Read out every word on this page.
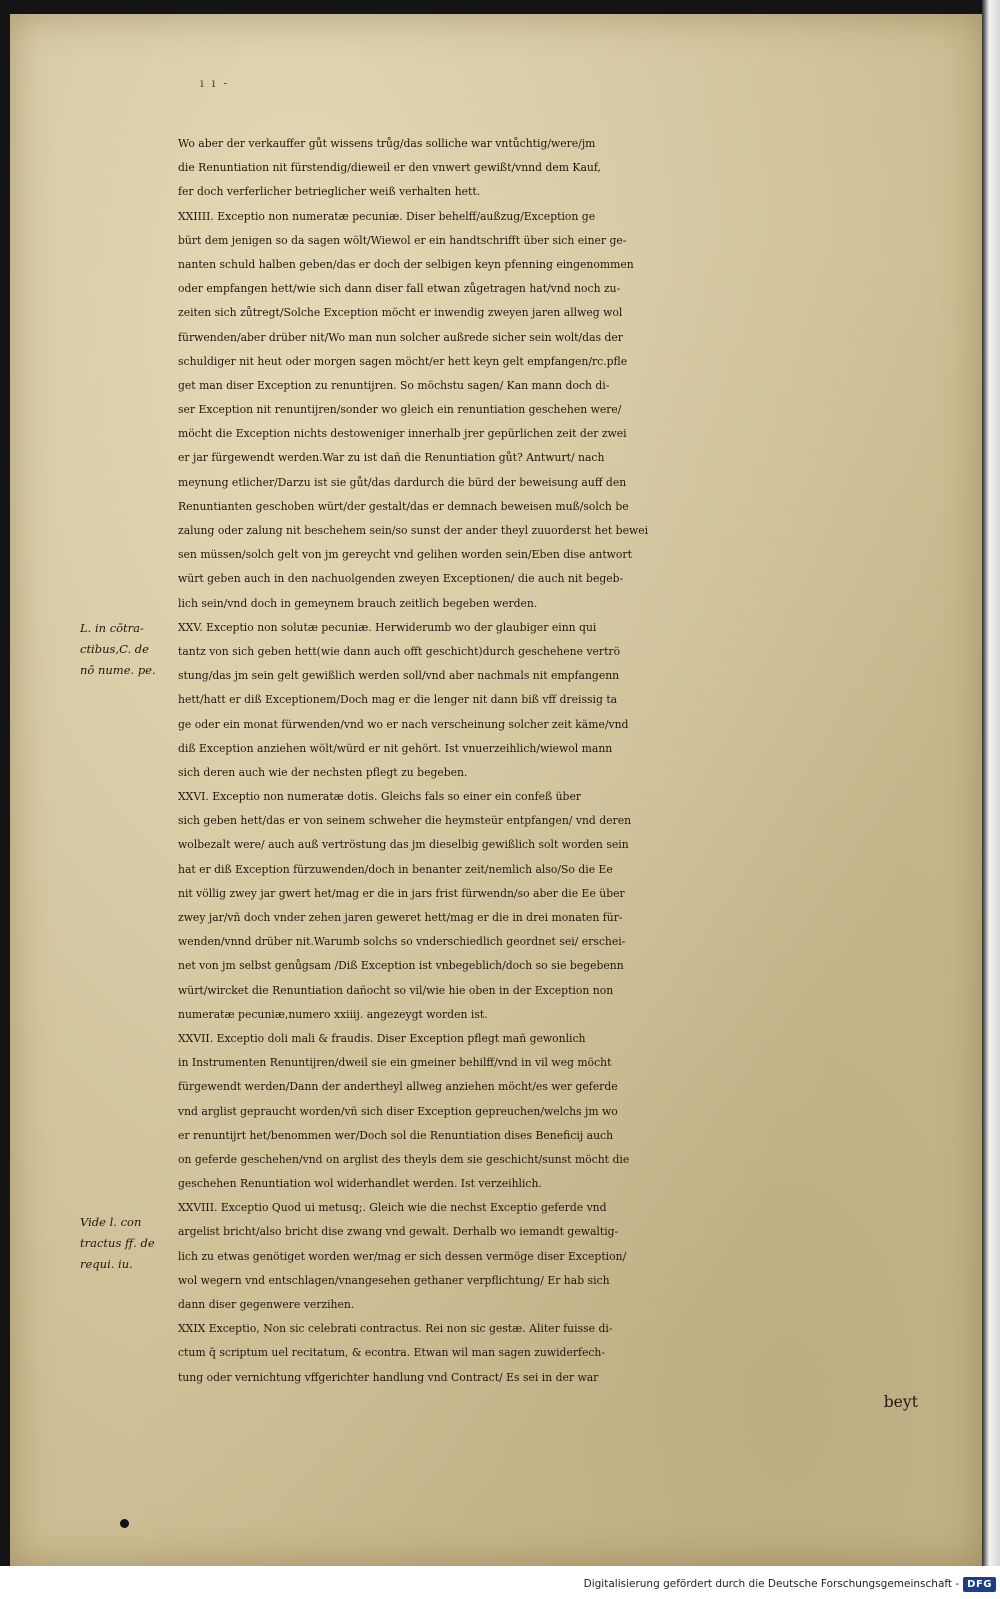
ı ı -
Wo aber der verkauffer gůt wissens trůg/das solliche war vntůchtig/were/jm
die Renuntiation nit fürstendig/dieweil er den vnwert gewißt/vnnd dem Kauf,
fer doch verferlicher betrieglicher weiß verhalten hett.
XXIIII. Exceptio non numeratæ pecuniæ. Diser behelff/außzug/Exception ge
bürt dem jenigen so da sagen wölt/Wiewol er ein handtschrifft über sich einer ge-
nanten schuld halben geben/das er doch der selbigen keyn pfenning eingenommen
oder empfangen hett/wie sich dann diser fall etwan zůgetragen hat/vnd noch zu-
zeiten sich zůtregt/Solche Exception möcht er inwendig zweyen jaren allweg wol
fürwenden/aber drüber nit/Wo man nun solcher außrede sicher sein wolt/das der
schuldiger nit heut oder morgen sagen möcht/er hett keyn gelt empfangen/rc.pfle
get man diser Exception zu renuntijren. So möchstu sagen/ Kan mann doch di-
ser Exception nit renuntijren/sonder wo gleich ein renuntiation geschehen were/
möcht die Exception nichts destoweniger innerhalb jrer gepürlichen zeit der zwei
er jar fürgewendt werden.War zu ist dañ die Renuntiation gůt? Antwurt/ nach
meynung etlicher/Darzu ist sie gůt/das dardurch die bürd der beweisung auff den
Renuntianten geschoben würt/der gestalt/das er demnach beweisen muß/solch be
zalung oder zalung nit beschehem sein/so sunst der ander theyl zuuorderst het bewei
sen müssen/solch gelt von jm gereycht vnd gelihen worden sein/Eben dise antwort
würt geben auch in den nachuolgenden zweyen Exceptionen/ die auch nit begeb-
lich sein/vnd doch in gemeynem brauch zeitlich begeben werden.
XXV. Exceptio non solutæ pecuniæ. Herwiderumb wo der glaubiger einn qui
tantz von sich geben hett(wie dann auch offt geschicht)durch geschehene vertrö
stung/das jm sein gelt gewißlich werden soll/vnd aber nachmals nit empfangenn
hett/hatt er diß Exceptionem/Doch mag er die lenger nit dann biß vff dreissig ta
ge oder ein monat fürwenden/vnd wo er nach verscheinung solcher zeit käme/vnd
diß Exception anziehen wölt/würd er nit gehört. Ist vnuerzeihlich/wiewol mann
sich deren auch wie der nechsten pflegt zu begeben.
XXVI. Exceptio non numeratæ dotis. Gleichs fals so einer ein confeß über
sich geben hett/das er von seinem schweher die heymsteür entpfangen/ vnd deren
wolbezalt were/ auch auß vertröstung das jm dieselbig gewißlich solt worden sein
hat er diß Exception fürzuwenden/doch in benanter zeit/nemlich also/So die Ee
nit völlig zwey jar gwert het/mag er die in jars frist fürwendn/so aber die Ee über
zwey jar/vñ doch vnder zehen jaren geweret hett/mag er die in drei monaten für-
wenden/vnnd drüber nit.Warumb solchs so vnderschiedlich geordnet sei/ erschei-
net von jm selbst genůgsam /Diß Exception ist vnbegeblich/doch so sie begebenn
würt/wircket die Renuntiation dañocht so vil/wie hie oben in der Exception non
numeratæ pecuniæ,numero xxiiij. angezeygt worden ist.
XXVII. Exceptio doli mali & fraudis. Diser Exception pflegt mañ gewonlich
in Instrumenten Renuntijren/dweil sie ein gmeiner behilff/vnd in vil weg möcht
fürgewendt werden/Dann der andertheyl allweg anziehen möcht/es wer geferde
vnd arglist gepraucht worden/vñ sich diser Exception gepreuchen/welchs jm wo
er renuntijrt het/benommen wer/Doch sol die Renuntiation dises Beneficij auch
on geferde geschehen/vnd on arglist des theyls dem sie geschicht/sunst möcht die
geschehen Renuntiation wol widerhandlet werden. Ist verzeihlich.
XXVIII. Exceptio Quod ui metusq;. Gleich wie die nechst Exceptio geferde vnd
argelist bricht/also bricht dise zwang vnd gewalt. Derhalb wo iemandt gewaltig-
lich zu etwas genötiget worden wer/mag er sich dessen vermöge diser Exception/
wol wegern vnd entschlagen/vnangesehen gethaner verpflichtung/ Er hab sich
dann diser gegenwere verzihen.
XXIX Exceptio, Non sic celebrati contractus. Rei non sic gestæ. Aliter fuisse di-
ctum q̄ scriptum uel recitatum, & econtra. Etwan wil man sagen zuwiderfech-
tung oder vernichtung vffgerichter handlung vnd Contract/ Es sei in der war
beyt
L. in cōtra-
ctibus,C. de
nō nume. pe.
Vide l. con
tractus ff. de
requi. iu.
Digitalisierung gefördert durch die Deutsche Forschungsgemeinschaft - DFG
